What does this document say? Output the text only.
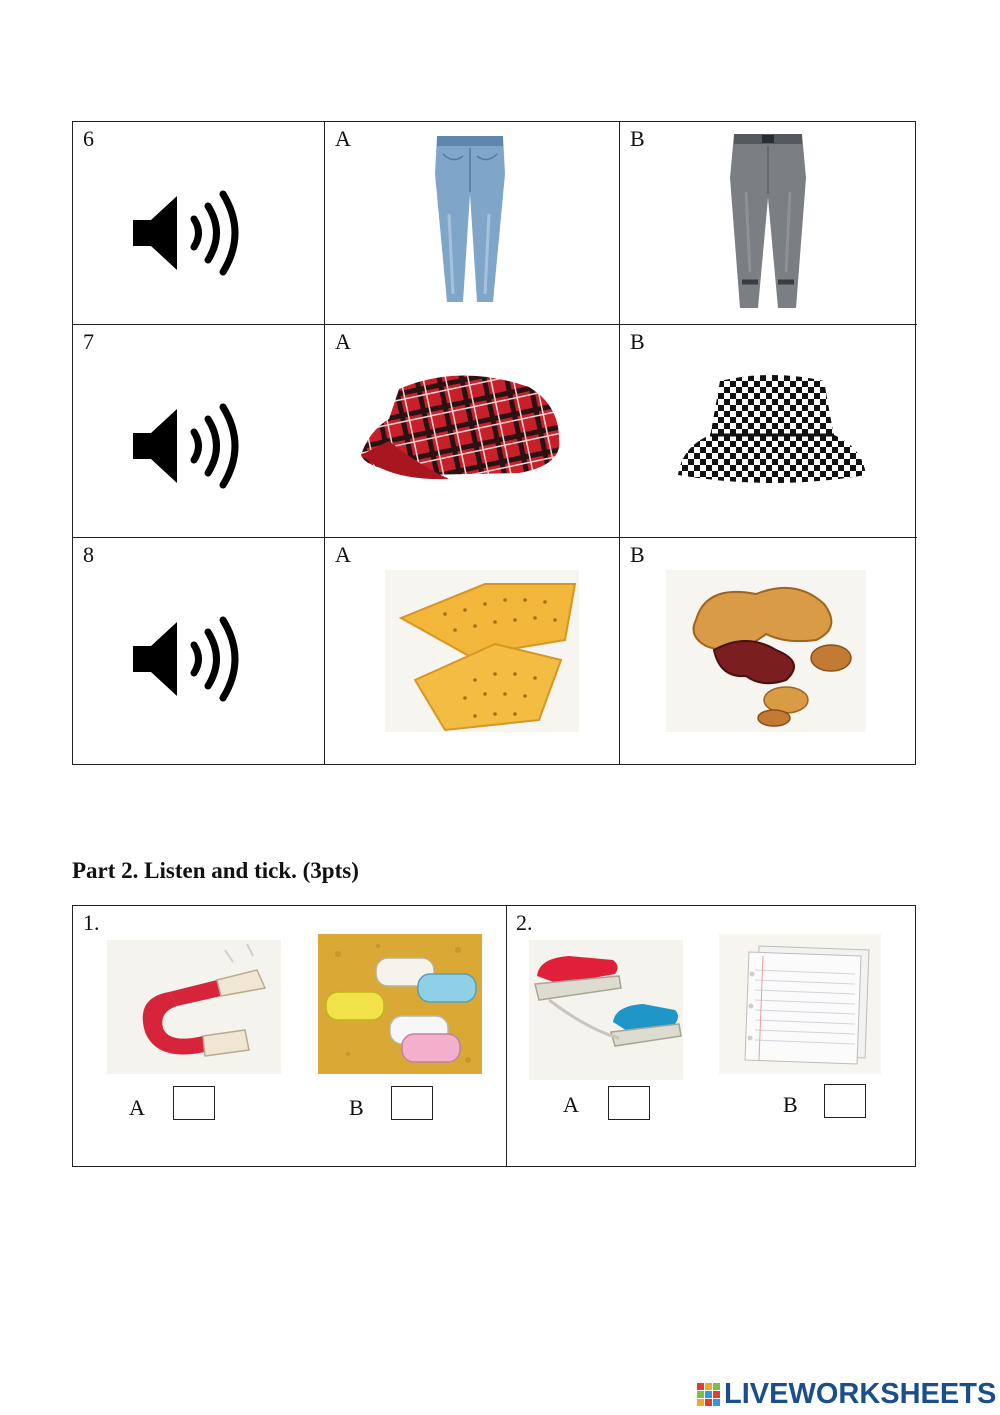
6	A	B
7	A	B
8	A	B
Part 2. Listen and tick. (3pts)
1.
A	B
2.
A	B
LIVEWORKSHEETS
